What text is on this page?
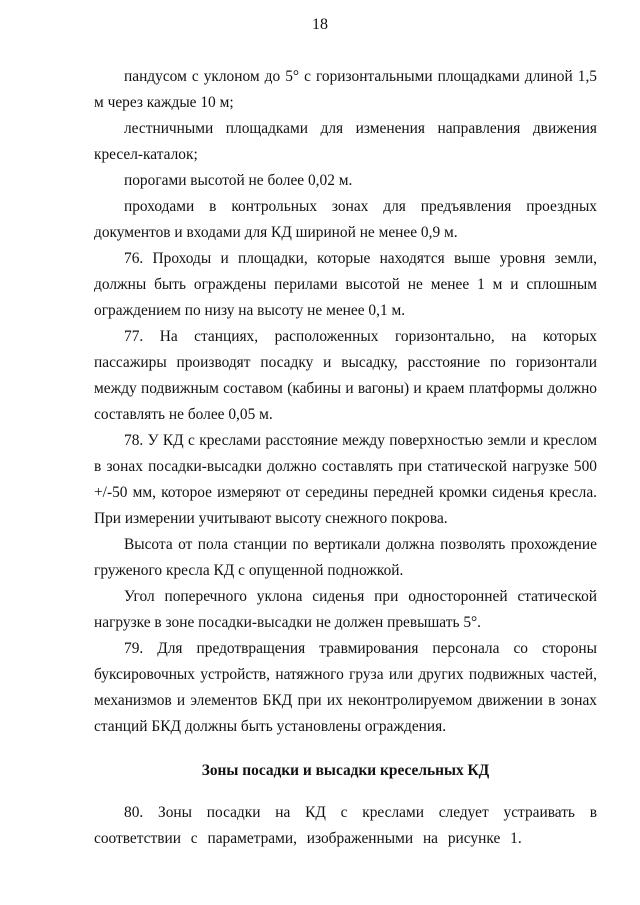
18

пандусом с уклоном до 5° с горизонтальными площадками длиной 1,5 м через каждые 10 м;

лестничными площадками для изменения направления движения кресел-каталок;

порогами высотой не более 0,02 м.

проходами в контрольных зонах для предъявления проездных документов и входами для КД шириной не менее 0,9 м.

76. Проходы и площадки, которые находятся выше уровня земли, должны быть ограждены перилами высотой не менее 1 м и сплошным ограждением по низу на высоту не менее 0,1 м.

77. На станциях, расположенных горизонтально, на которых пассажиры производят посадку и высадку, расстояние по горизонтали между подвижным составом (кабины и вагоны) и краем платформы должно составлять не более 0,05 м.

78. У КД с креслами расстояние между поверхностью земли и креслом в зонах посадки-высадки должно составлять при статической нагрузке 500 +/-50 мм, которое измеряют от середины передней кромки сиденья кресла. При измерении учитывают высоту снежного покрова.

Высота от пола станции по вертикали должна позволять прохождение груженого кресла КД с опущенной подножкой.

Угол поперечного уклона сиденья при односторонней статической нагрузке в зоне посадки-высадки не должен превышать 5°.

79. Для предотвращения травмирования персонала со стороны буксировочных устройств, натяжного груза или других подвижных частей, механизмов и элементов БКД при их неконтролируемом движении в зонах станций БКД должны быть установлены ограждения.

Зоны посадки и высадки кресельных КД

80. Зоны посадки на КД с креслами следует устраивать в соответствии с параметрами, изображенными на рисунке 1.
